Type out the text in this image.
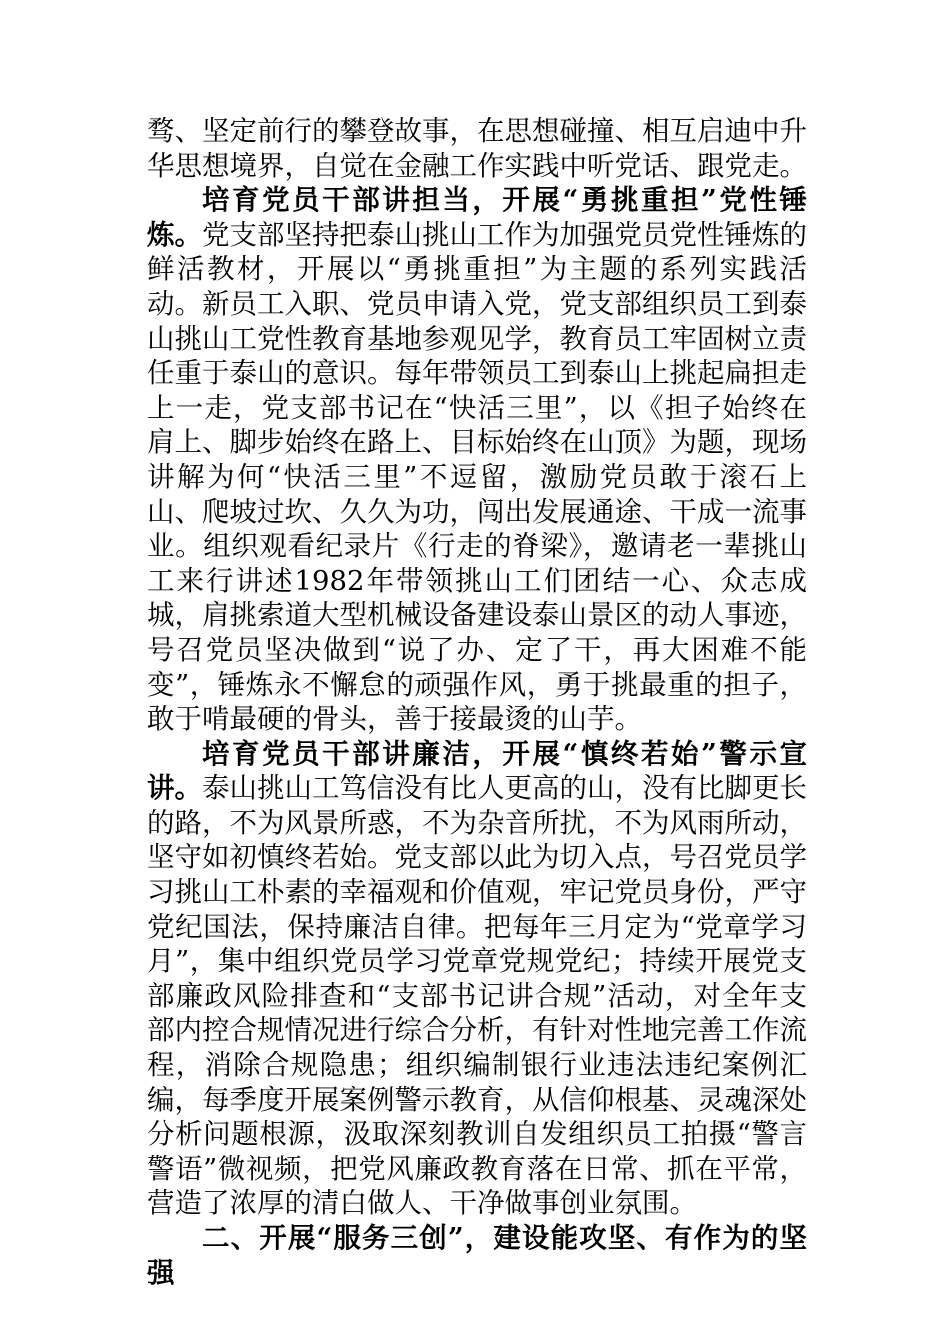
骛、坚定前行的攀登故事，在思想碰撞、相互启迪中升华思想境界，自觉在金融工作实践中听党话、跟党走。

培育党员干部讲担当，开展“勇挑重担”党性锤炼。党支部坚持把泰山挑山工作为加强党员党性锤炼的鲜活教材，开展以“勇挑重担”为主题的系列实践活动。新员工入职、党员申请入党，党支部组织员工到泰山挑山工党性教育基地参观见学，教育员工牢固树立责任重于泰山的意识。每年带领员工到泰山上挑起扁担走上一走，党支部书记在“快活三里”，以《担子始终在肩上、脚步始终在路上、目标始终在山顶》为题，现场讲解为何“快活三里”不逗留，激励党员敢于滚石上山、爬坡过坎、久久为功，闯出发展通途、干成一流事业。组织观看纪录片《行走的脊梁》，邀请老一辈挑山工来行讲述1982年带领挑山工们团结一心、众志成城，肩挑索道大型机械设备建设泰山景区的动人事迹，号召党员坚决做到“说了办、定了干，再大困难不能变”，锤炼永不懈怠的顽强作风，勇于挑最重的担子，敢于啃最硬的骨头，善于接最烫的山芋。

培育党员干部讲廉洁，开展“慎终若始”警示宣讲。泰山挑山工笃信没有比人更高的山，没有比脚更长的路，不为风景所惑，不为杂音所扰，不为风雨所动，坚守如初慎终若始。党支部以此为切入点，号召党员学习挑山工朴素的幸福观和价值观，牢记党员身份，严守党纪国法，保持廉洁自律。把每年三月定为“党章学习月”，集中组织党员学习党章党规党纪；持续开展党支部廉政风险排查和“支部书记讲合规”活动，对全年支部内控合规情况进行综合分析，有针对性地完善工作流程，消除合规隐患；组织编制银行业违法违纪案例汇编，每季度开展案例警示教育，从信仰根基、灵魂深处分析问题根源，汲取深刻教训自发组织员工拍摄“警言警语”微视频，把党风廉政教育落在日常、抓在平常，营造了浓厚的清白做人、干净做事创业氛围。

二、开展“服务三创”，建设能攻坚、有作为的坚强
